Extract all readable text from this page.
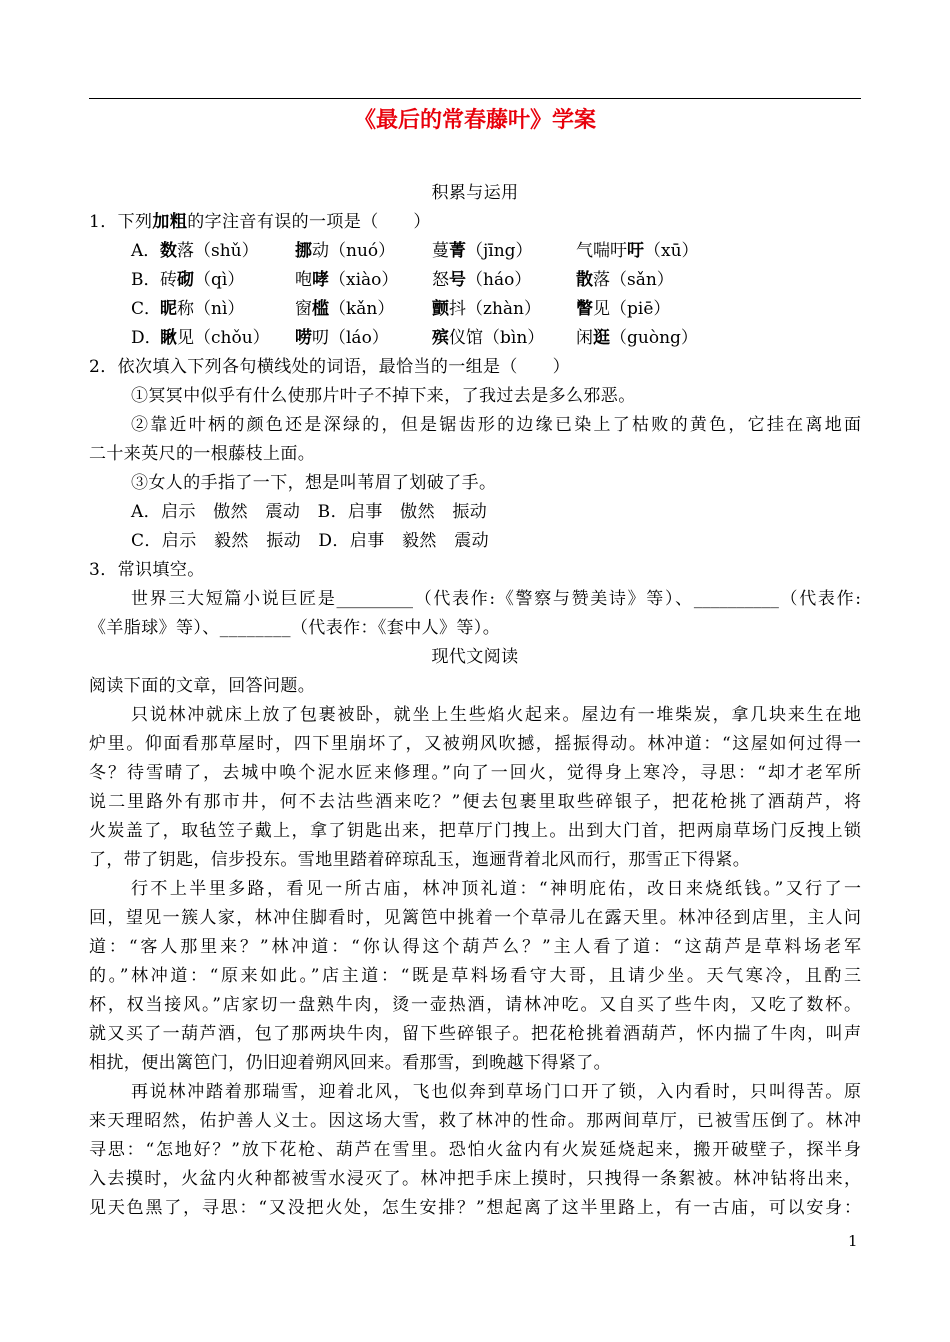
《最后的常春藤叶》学案
积累与运用
1．下列加粗的字注音有误的一项是（　　）
A． 数落（shǔ） 挪动（nuó） 蔓菁（jīng）	气喘吁吁（xū）
B． 砖砌（qì）	咆哮（xiào） 怒号（háo）	散落（sǎn）
C．
昵称（nì）	窗槛（kǎn） 颤抖（zhàn） 瞥见（piē）
D．
瞅见（chǒu） 唠叨（láo）	殡仪馆（bìn） 闲逛（guòng）
2．依次填入下列各句横线处的词语，最恰当的一组是（　　）
①冥冥中似乎有什么使那片叶子不掉下来，了我过去是多么邪恶。
②靠近叶柄的颜色还是深绿的，但是锯齿形的边缘已染上了枯败的黄色，它挂在离地面
二十来英尺的一根藤枝上面。
③女人的手指了一下，想是叫苇眉了划破了手。
A．启示　傲然　震动　B．启事　傲然　振动
C．启示　毅然　振动　D．启事　毅然　震动
3．常识填空。
世界三大短篇小说巨匠是_________（代表作:《警察与赞美诗》等）、__________（代表作:
《羊脂球》等）、________（代表作：《套中人》等）。
现代文阅读
阅读下面的文章，回答问题。
只说林冲就床上放了包裹被卧，就坐上生些焰火起来。屋边有一堆柴炭，拿几块来生在地
炉里。仰面看那草屋时，四下里崩坏了，又被朔风吹撼，摇振得动。林冲道：“这屋如何过得一
冬？待雪晴了，去城中唤个泥水匠来修理。”向了一回火，觉得身上寒冷，寻思：“却才老军所
说二里路外有那市井，何不去沽些酒来吃？”便去包裹里取些碎银子，把花枪挑了酒葫芦，将
火炭盖了，取毡笠子戴上，拿了钥匙出来，把草厅门拽上。出到大门首，把两扇草场门反拽上锁
了，带了钥匙，信步投东。雪地里踏着碎琼乱玉，迤逦背着北风而行，那雪正下得紧。
行不上半里多路，看见一所古庙，林冲顶礼道：“神明庇佑，改日来烧纸钱。”又行了一
回，望见一簇人家，林冲住脚看时，见篱笆中挑着一个草帚儿在露天里。林冲径到店里，主人问
道：“客人那里来？”林冲道：“你认得这个葫芦么？”主人看了道：“这葫芦是草料场老军
的。”林冲道：“原来如此。”店主道：“既是草料场看守大哥，且请少坐。天气寒冷，且酌三
杯，权当接风。”店家切一盘熟牛肉，烫一壶热酒，请林冲吃。又自买了些牛肉，又吃了数杯。
就又买了一葫芦酒，包了那两块牛肉，留下些碎银子。把花枪挑着酒葫芦，怀内揣了牛肉，叫声
相扰，便出篱笆门，仍旧迎着朔风回来。看那雪，到晚越下得紧了。
再说林冲踏着那瑞雪，迎着北风，飞也似奔到草场门口开了锁，入内看时，只叫得苦。原
来天理昭然，佑护善人义士。因这场大雪，救了林冲的性命。那两间草厅，已被雪压倒了。林冲
寻思：“怎地好？”放下花枪、葫芦在雪里。恐怕火盆内有火炭延烧起来，搬开破壁子，探半身
入去摸时，火盆内火种都被雪水浸灭了。林冲把手床上摸时，只拽得一条絮被。林冲钻将出来，
见天色黑了，寻思：“又没把火处，怎生安排？”想起离了这半里路上，有一古庙，可以安身：
1
